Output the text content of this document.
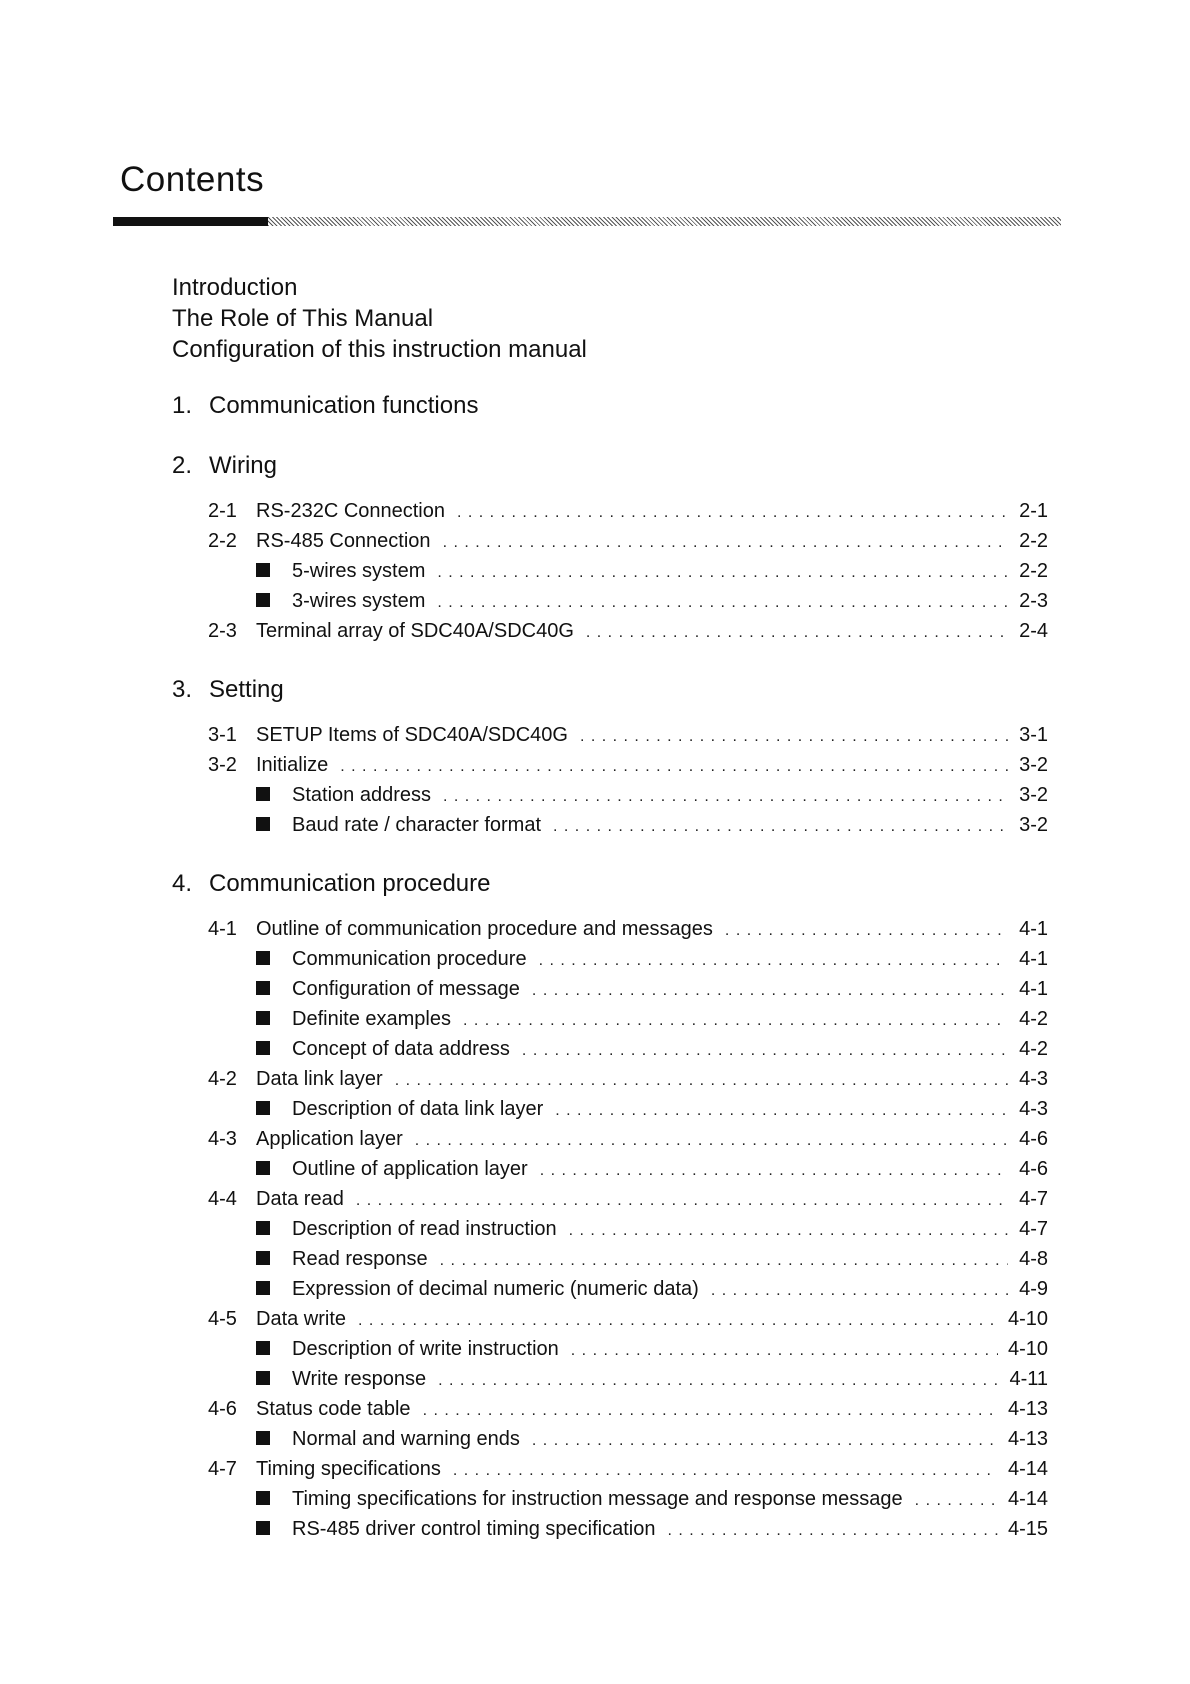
Contents
Introduction
The Role of This Manual
Configuration of this instruction manual
1. Communication functions
2. Wiring
2-1 RS-232C Connection . . .	2-1
2-2 RS-485 Connection . . .	2-2
5-wires system . . .	2-2
3-wires system . . .	2-3
2-3 Terminal array of SDC40A/SDC40G . . .	2-4
3. Setting
3-1 SETUP Items of SDC40A/SDC40G . . .	3-1
3-2 Initialize . . .	3-2
Station address . . .	3-2
Baud rate / character format . . .	3-2
4. Communication procedure
4-1 Outline of communication procedure and messages . . .	4-1
Communication procedure . . .	4-1
Configuration of message . . .	4-1
Definite examples . . .	4-2
Concept of data address . . .	4-2
4-2 Data link layer . . .	4-3
Description of data link layer . . .	4-3
4-3 Application layer . . .	4-6
Outline of application layer . . .	4-6
4-4 Data read . . .	4-7
Description of read instruction . . .	4-7
Read response . . .	4-8
Expression of decimal numeric (numeric data) . . .	4-9
4-5 Data write . . .	4-10
Description of write instruction . . .	4-10
Write response . . .	4-11
4-6 Status code table . . .	4-13
Normal and warning ends . . .	4-13
4-7 Timing specifications . . .	4-14
Timing specifications for instruction message and response message . . .	4-14
RS-485 driver control timing specification . . .	4-15
